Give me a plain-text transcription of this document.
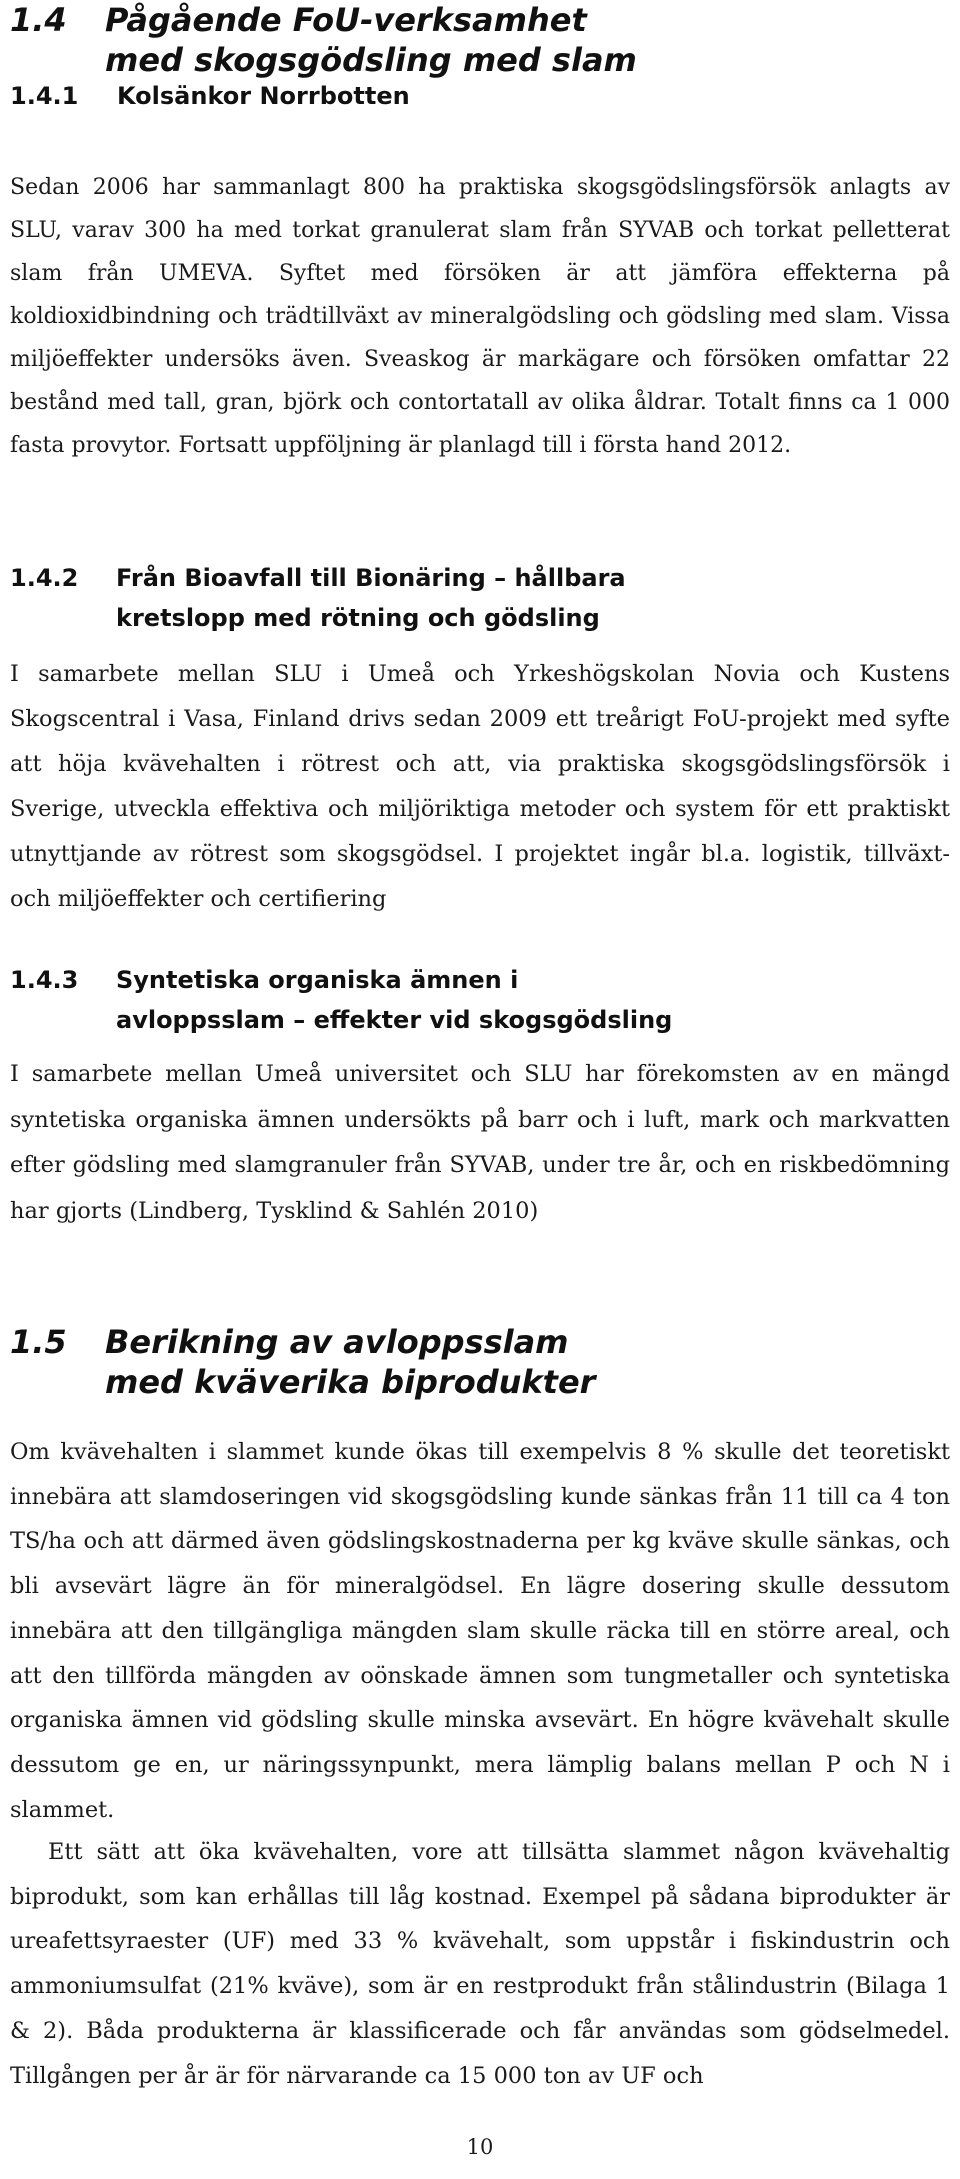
1.4 Pågående FoU-verksamhet
med skogsgödsling med slam
1.4.1 Kolsänkor Norrbotten

Sedan 2006 har sammanlagt 800 ha praktiska skogsgödslingsförsök anlagts av SLU, varav 300 ha med torkat granulerat slam från SYVAB och torkat pelletterat slam från UMEVA. Syftet med försöken är att jämföra effekterna på koldioxidbindning och trädtillväxt av mineralgödsling och gödsling med slam. Vissa miljöeffekter undersöks även. Sveaskog är markägare och försöken omfattar 22 bestånd med tall, gran, björk och contortatall av olika åldrar. Totalt finns ca 1 000 fasta provytor. Fortsatt uppföljning är planlagd till i första hand 2012.

1.4.2 Från Bioavfall till Bionäring – hållbara
kretslopp med rötning och gödsling

I samarbete mellan SLU i Umeå och Yrkeshögskolan Novia och Kustens Skogscentral i Vasa, Finland drivs sedan 2009 ett treårigt FoU-projekt med syfte att höja kvävehalten i rötrest och att, via praktiska skogsgödslingsförsök i Sverige, utveckla effektiva och miljöriktiga metoder och system för ett praktiskt utnyttjande av rötrest som skogsgödsel. I projektet ingår bl.a. logistik, tillväxt- och miljöeffekter och certifiering

1.4.3 Syntetiska organiska ämnen i
avloppsslam – effekter vid skogsgödsling

I samarbete mellan Umeå universitet och SLU har förekomsten av en mängd syntetiska organiska ämnen undersökts på barr och i luft, mark och markvatten efter gödsling med slamgranuler från SYVAB, under tre år, och en riskbedömning har gjorts (Lindberg, Tysklind & Sahlén 2010)

1.5 Berikning av avloppsslam
med kväverika biprodukter

Om kvävehalten i slammet kunde ökas till exempelvis 8 % skulle det teoretiskt innebära att slamdoseringen vid skogsgödsling kunde sänkas från 11 till ca 4 ton TS/ha och att därmed även gödslingskostnaderna per kg kväve skulle sänkas, och bli avsevärt lägre än för mineralgödsel. En lägre dosering skulle dessutom innebära att den tillgängliga mängden slam skulle räcka till en större areal, och att den tillförda mängden av oönskade ämnen som tungmetaller och syntetiska organiska ämnen vid gödsling skulle minska avsevärt. En högre kvävehalt skulle dessutom ge en, ur näringssynpunkt, mera lämplig balans mellan P och N i slammet.

Ett sätt att öka kvävehalten, vore att tillsätta slammet någon kvävehaltig biprodukt, som kan erhållas till låg kostnad. Exempel på sådana biprodukter är ureafettsyraester (UF) med 33 % kvävehalt, som uppstår i fiskindustrin och ammoniumsulfat (21% kväve), som är en restprodukt från stålindustrin (Bilaga 1 & 2). Båda produkterna är klassificerade och får användas som gödselmedel. Tillgången per år är för närvarande ca 15 000 ton av UF och

10
